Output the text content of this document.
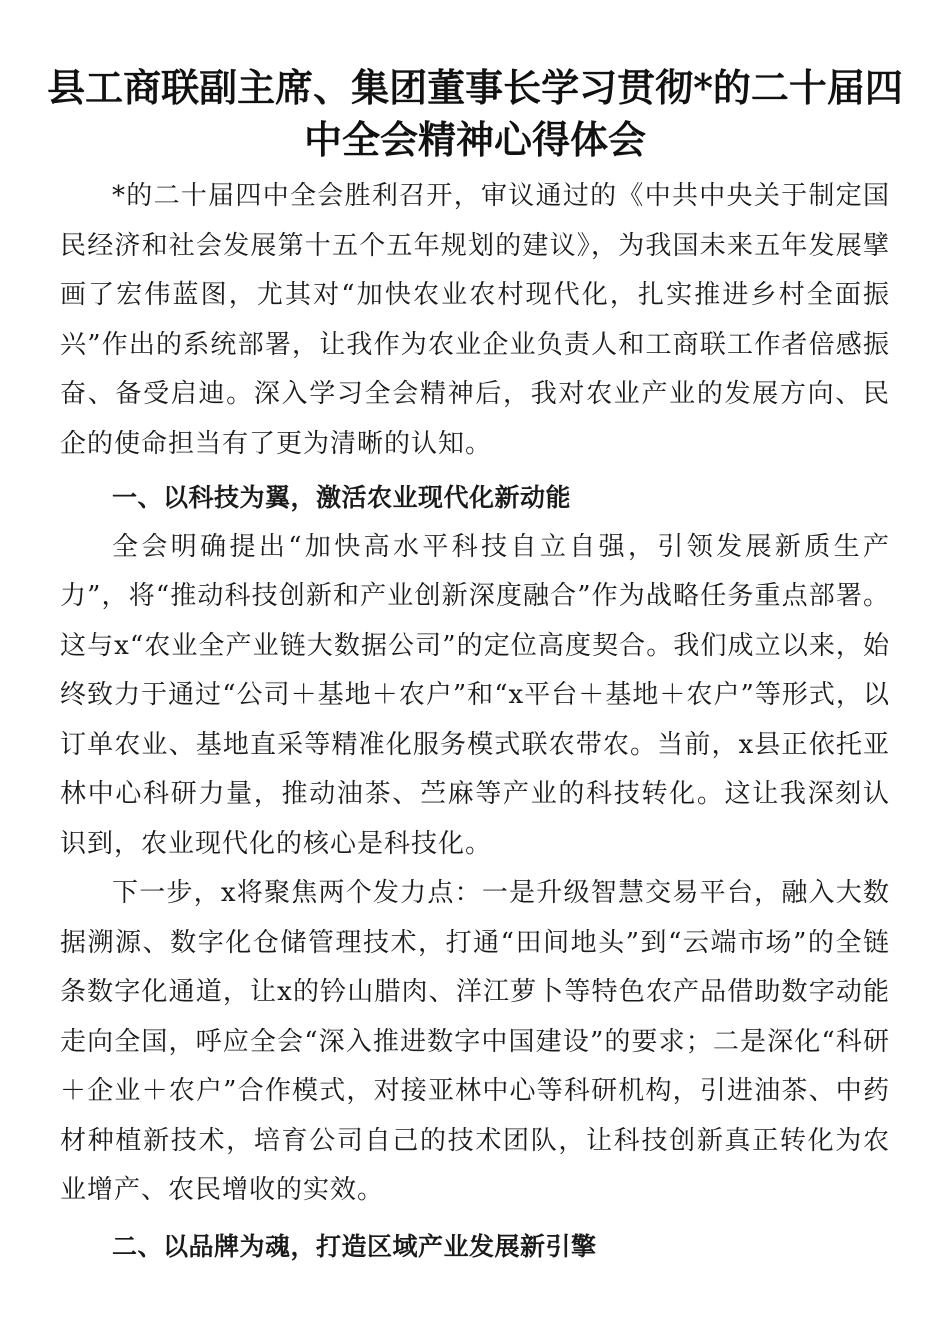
县工商联副主席、集团董事长学习贯彻*的二十届四中全会精神心得体会

*的二十届四中全会胜利召开，审议通过的《中共中央关于制定国民经济和社会发展第十五个五年规划的建议》，为我国未来五年发展擘画了宏伟蓝图，尤其对“加快农业农村现代化，扎实推进乡村全面振兴”作出的系统部署，让我作为农业企业负责人和工商联工作者倍感振奋、备受启迪。深入学习全会精神后，我对农业产业的发展方向、民企的使命担当有了更为清晰的认知。

一、以科技为翼，激活农业现代化新动能

全会明确提出“加快高水平科技自立自强，引领发展新质生产力”，将“推动科技创新和产业创新深度融合”作为战略任务重点部署。这与x“农业全产业链大数据公司”的定位高度契合。我们成立以来，始终致力于通过“公司＋基地＋农户”和“x平台＋基地＋农户”等形式，以订单农业、基地直采等精准化服务模式联农带农。当前，x县正依托亚林中心科研力量，推动油茶、苎麻等产业的科技转化。这让我深刻认识到，农业现代化的核心是科技化。

下一步，x将聚焦两个发力点：一是升级智慧交易平台，融入大数据溯源、数字化仓储管理技术，打通“田间地头”到“云端市场”的全链条数字化通道，让x的钤山腊肉、洋江萝卜等特色农产品借助数字动能走向全国，呼应全会“深入推进数字中国建设”的要求；二是深化“科研＋企业＋农户”合作模式，对接亚林中心等科研机构，引进油茶、中药材种植新技术，培育公司自己的技术团队，让科技创新真正转化为农业增产、农民增收的实效。

二、以品牌为魂，打造区域产业发展新引擎
